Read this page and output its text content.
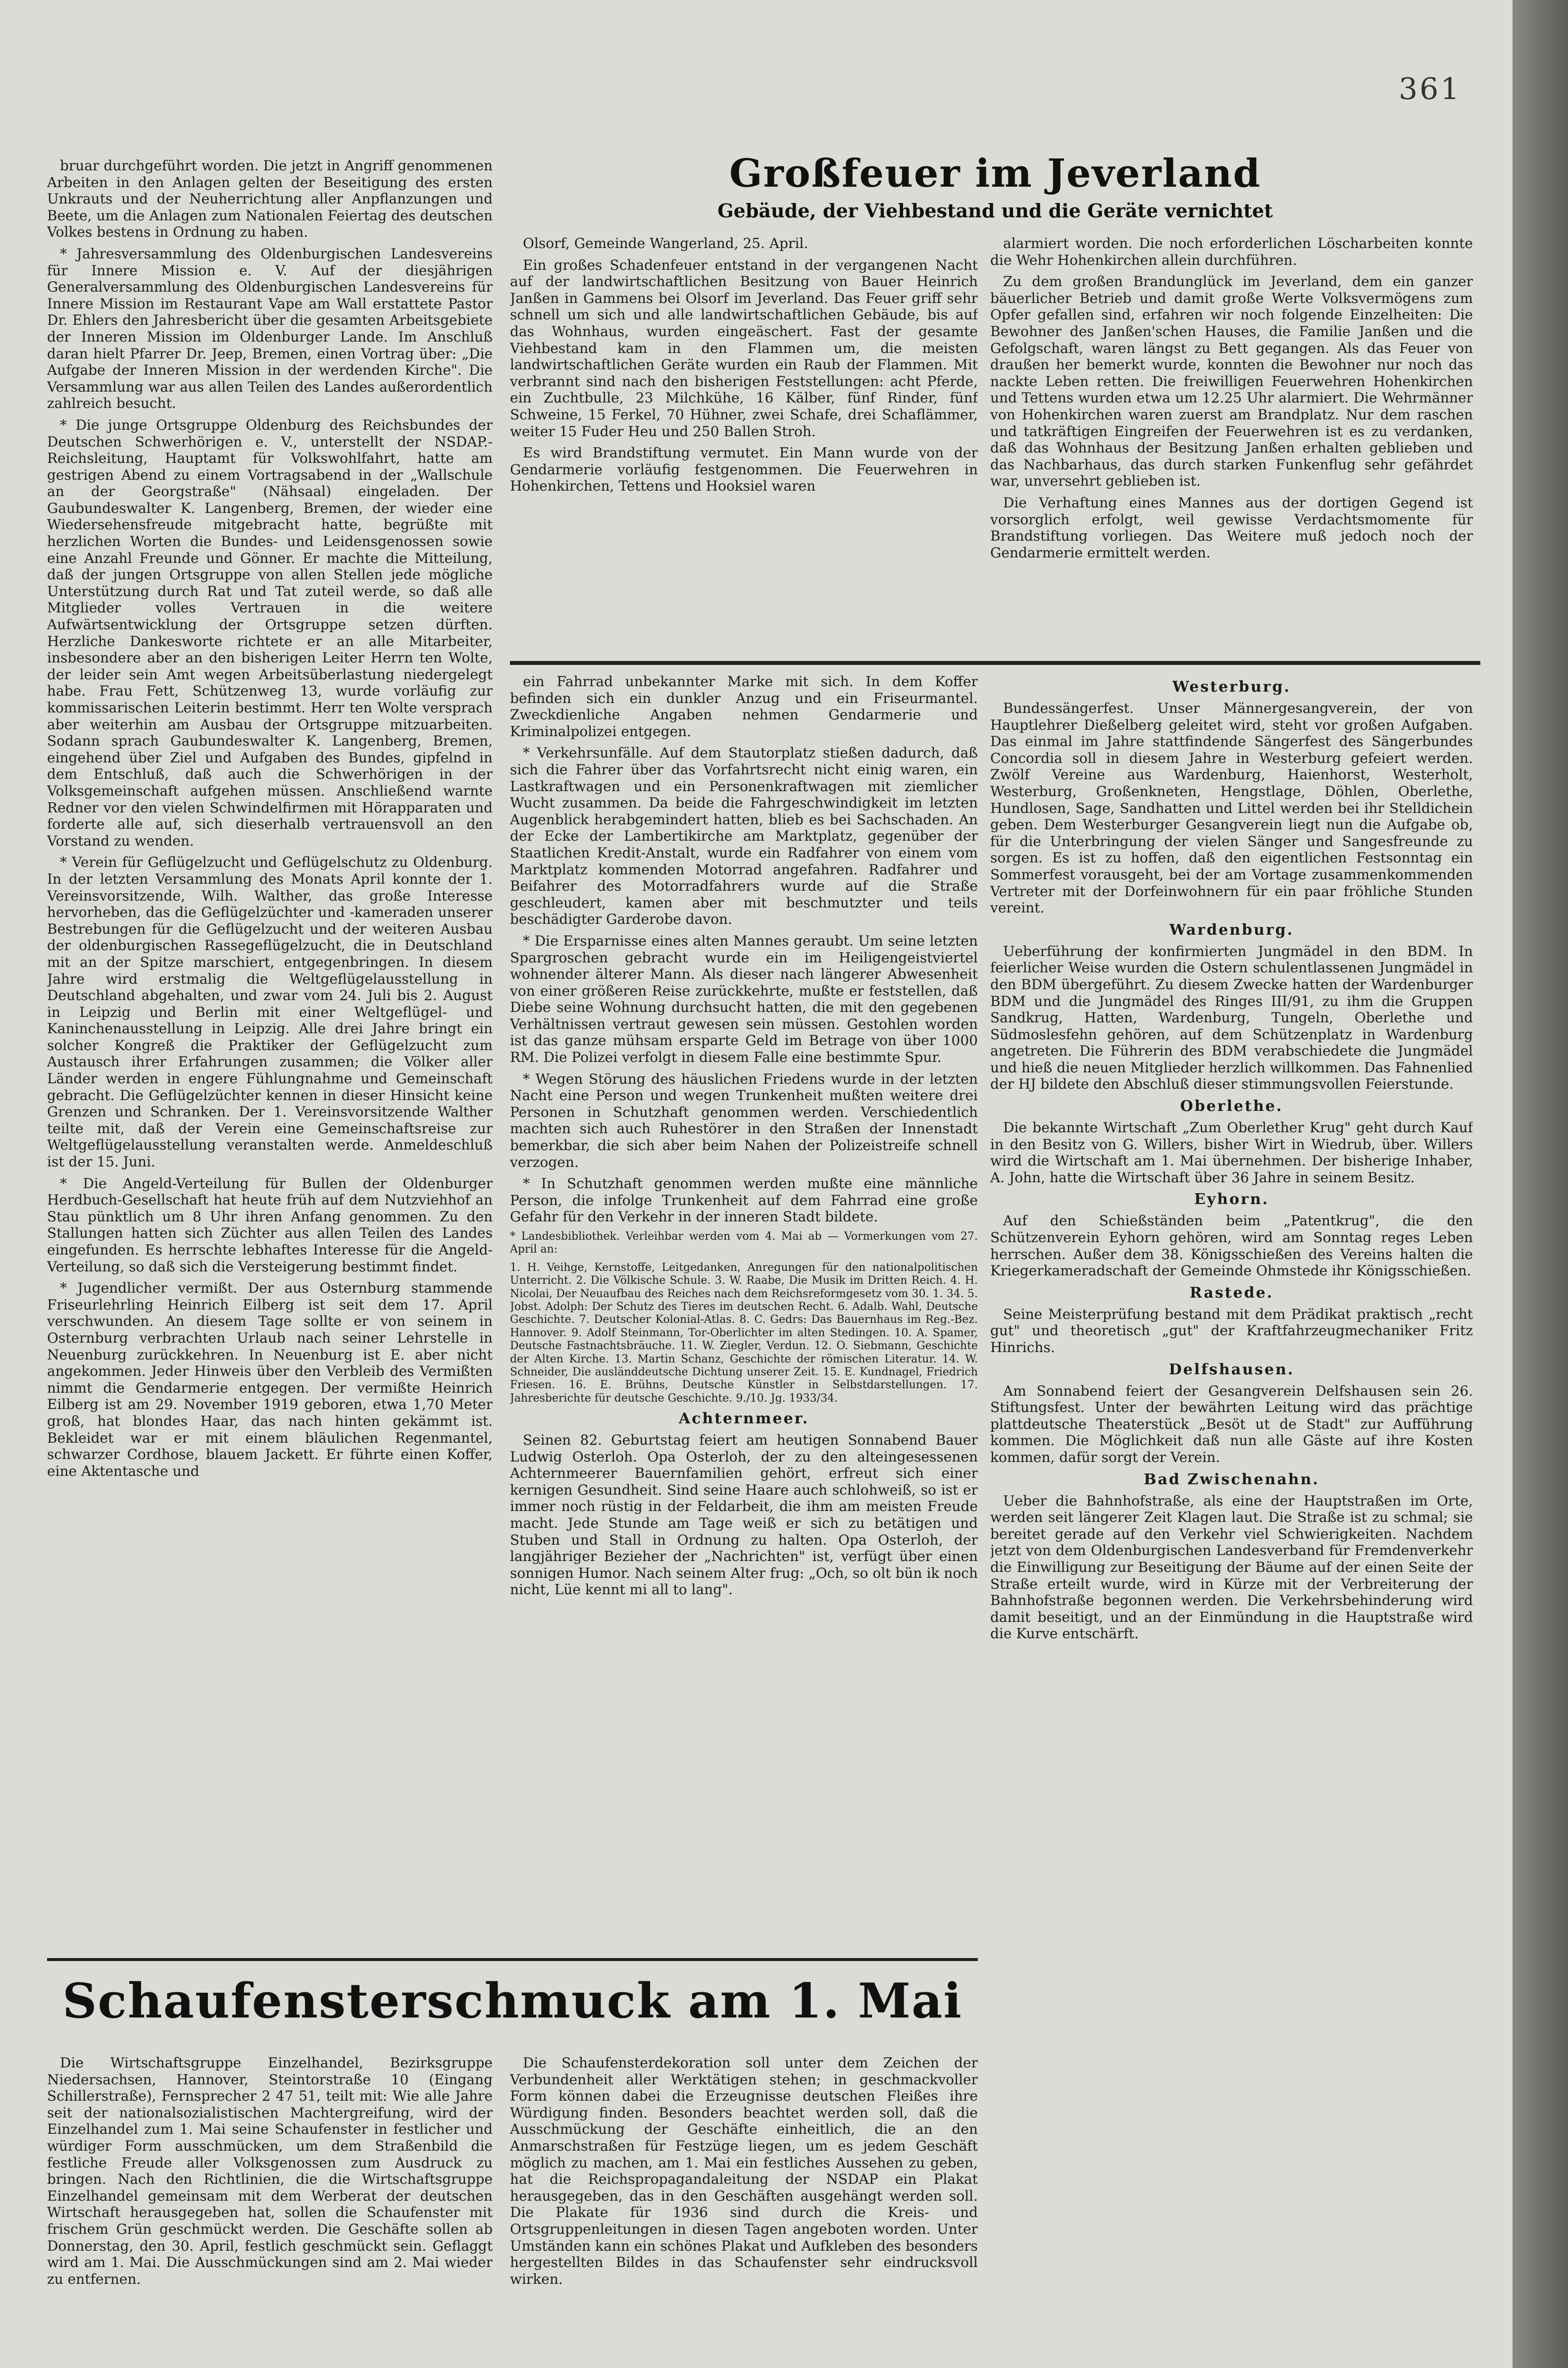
361

bruar durchgeführt worden. Die jetzt in Angriff genommenen Arbeiten in den Anlagen gelten der Beseitigung des ersten Unkrauts und der Neuherrichtung aller Anpflanzungen und Beete, um die Anlagen zum Nationalen Feiertag des deutschen Volkes bestens in Ordnung zu haben.

* Jahresversammlung des Oldenburgischen Landesvereins für Innere Mission e. V. Auf der diesjährigen Generalversammlung des Oldenburgischen Landesvereins für Innere Mission im Restaurant Vape am Wall erstattete Pastor Dr. Ehlers den Jahresbericht über die gesamten Arbeitsgebiete der Inneren Mission im Oldenburger Lande. Im Anschluß daran hielt Pfarrer Dr. Jeep, Bremen, einen Vortrag über: „Die Aufgabe der Inneren Mission in der werdenden Kirche". Die Versammlung war aus allen Teilen des Landes außerordentlich zahlreich besucht.

* Die junge Ortsgruppe Oldenburg des Reichsbundes der Deutschen Schwerhörigen e. V., unterstellt der NSDAP.-Reichsleitung, Hauptamt für Volkswohlfahrt, hatte am gestrigen Abend zu einem Vortragsabend in der „Wallschule an der Georgstraße" (Nähsaal) eingeladen. Der Gaubundeswalter K. Langenberg, Bremen, der wieder eine Wiedersehensfreude mitgebracht hatte, begrüßte mit herzlichen Worten die Bundes- und Leidensgenossen sowie eine Anzahl Freunde und Gönner. Er machte die Mitteilung, daß der jungen Ortsgruppe von allen Stellen jede mögliche Unterstützung durch Rat und Tat zuteil werde, so daß alle Mitglieder volles Vertrauen in die weitere Aufwärtsentwicklung der Ortsgruppe setzen dürften. Herzliche Dankesworte richtete er an alle Mitarbeiter, insbesondere aber an den bisherigen Leiter Herrn ten Wolte, der leider sein Amt wegen Arbeitsüberlastung niedergelegt habe. Frau Fett, Schützenweg 13, wurde vorläufig zur kommissarischen Leiterin bestimmt. Herr ten Wolte versprach aber weiterhin am Ausbau der Ortsgruppe mitzuarbeiten. Sodann sprach Gaubundeswalter K. Langenberg, Bremen, eingehend über Ziel und Aufgaben des Bundes, gipfelnd in dem Entschluß, daß auch die Schwerhörigen in der Volksgemeinschaft aufgehen müssen. Anschließend warnte Redner vor den vielen Schwindelfirmen mit Hörapparaten und forderte alle auf, sich dieserhalb vertrauensvoll an den Vorstand zu wenden.

* Verein für Geflügelzucht und Geflügelschutz zu Oldenburg. In der letzten Versammlung des Monats April konnte der 1. Vereinsvorsitzende, Wilh. Walther, das große Interesse hervorheben, das die Geflügelzüchter und -kameraden unserer Bestrebungen für die Geflügelzucht und der weiteren Ausbau der oldenburgischen Rassegeflügelzucht, die in Deutschland mit an der Spitze marschiert, entgegenbringen. In diesem Jahre wird erstmalig die Weltgeflügelausstellung in Deutschland abgehalten, und zwar vom 24. Juli bis 2. August in Leipzig und Berlin mit einer Weltgeflügel- und Kaninchenausstellung in Leipzig. Alle drei Jahre bringt ein solcher Kongreß die Praktiker der Geflügelzucht zum Austausch ihrer Erfahrungen zusammen; die Völker aller Länder werden in engere Fühlungnahme und Gemeinschaft gebracht. Die Geflügelzüchter kennen in dieser Hinsicht keine Grenzen und Schranken. Der 1. Vereinsvorsitzende Walther teilte mit, daß der Verein eine Gemeinschaftsreise zur Weltgeflügelausstellung veranstalten werde. Anmeldeschluß ist der 15. Juni.

* Die Angeld-Verteilung für Bullen der Oldenburger Herdbuch-Gesellschaft hat heute früh auf dem Nutzviehhof an Stau pünktlich um 8 Uhr ihren Anfang genommen. Zu den Stallungen hatten sich Züchter aus allen Teilen des Landes eingefunden. Es herrschte lebhaftes Interesse für die Angeld-Verteilung, so daß sich die Versteigerung bestimmt findet.

* Jugendlicher vermißt. Der aus Osternburg stammende Friseurlehrling Heinrich Eilberg ist seit dem 17. April verschwunden. An diesem Tage sollte er von seinem in Osternburg verbrachten Urlaub nach seiner Lehrstelle in Neuenburg zurückkehren. In Neuenburg ist E. aber nicht angekommen. Jeder Hinweis über den Verbleib des Vermißten nimmt die Gendarmerie entgegen. Der vermißte Heinrich Eilberg ist am 29. November 1919 geboren, etwa 1,70 Meter groß, hat blondes Haar, das nach hinten gekämmt ist. Bekleidet war er mit einem bläulichen Regenmantel, schwarzer Cordhose, blauem Jackett. Er führte einen Koffer, eine Aktentasche und

Großfeuer im Jeverland
Gebäude, der Viehbestand und die Geräte vernichtet

Olsorf, Gemeinde Wangerland, 25. April.

Ein großes Schadenfeuer entstand in der vergangenen Nacht auf der landwirtschaftlichen Besitzung von Bauer Heinrich Janßen in Gammens bei Olsorf im Jeverland. Das Feuer griff sehr schnell um sich und alle landwirtschaftlichen Gebäude, bis auf das Wohnhaus, wurden eingeäschert. Fast der gesamte Viehbestand kam in den Flammen um, die meisten landwirtschaftlichen Geräte wurden ein Raub der Flammen. Mit verbrannt sind nach den bisherigen Feststellungen: acht Pferde, ein Zuchtbulle, 23 Milchkühe, 16 Kälber, fünf Rinder, fünf Schweine, 15 Ferkel, 70 Hühner, zwei Schafe, drei Schaflämmer, weiter 15 Fuder Heu und 250 Ballen Stroh.

Es wird Brandstiftung vermutet. Ein Mann wurde von der Gendarmerie vorläufig festgenommen. Die Feuerwehren in Hohenkirchen, Tettens und Hooksiel waren

alarmiert worden. Die noch erforderlichen Löscharbeiten konnte die Wehr Hohenkirchen allein durchführen.

Zu dem großen Brandunglück im Jeverland, dem ein ganzer bäuerlicher Betrieb und damit große Werte Volksvermögens zum Opfer gefallen sind, erfahren wir noch folgende Einzelheiten: Die Bewohner des Janßen'schen Hauses, die Familie Janßen und die Gefolgschaft, waren längst zu Bett gegangen. Als das Feuer von draußen her bemerkt wurde, konnten die Bewohner nur noch das nackte Leben retten. Die freiwilligen Feuerwehren Hohenkirchen und Tettens wurden etwa um 12.25 Uhr alarmiert. Die Wehrmänner von Hohenkirchen waren zuerst am Brandplatz. Nur dem raschen und tatkräftigen Eingreifen der Feuerwehren ist es zu verdanken, daß das Wohnhaus der Besitzung Janßen erhalten geblieben und das Nachbarhaus, das durch starken Funkenflug sehr gefährdet war, unversehrt geblieben ist.

Die Verhaftung eines Mannes aus der dortigen Gegend ist vorsorglich erfolgt, weil gewisse Verdachtsmomente für Brandstiftung vorliegen. Das Weitere muß jedoch noch der Gendarmerie ermittelt werden.

ein Fahrrad unbekannter Marke mit sich. In dem Koffer befinden sich ein dunkler Anzug und ein Friseurmantel. Zweckdienliche Angaben nehmen Gendarmerie und Kriminalpolizei entgegen.

* Verkehrsunfälle. Auf dem Stautorplatz stießen dadurch, daß sich die Fahrer über das Vorfahrtsrecht nicht einig waren, ein Lastkraftwagen und ein Personenkraftwagen mit ziemlicher Wucht zusammen. Da beide die Fahrgeschwindigkeit im letzten Augenblick herabgemindert hatten, blieb es bei Sachschaden. An der Ecke der Lambertikirche am Marktplatz, gegenüber der Staatlichen Kredit-Anstalt, wurde ein Radfahrer von einem vom Marktplatz kommenden Motorrad angefahren. Radfahrer und Beifahrer des Motorradfahrers wurde auf die Straße geschleudert, kamen aber mit beschmutzter und teils beschädigter Garderobe davon.

* Die Ersparnisse eines alten Mannes geraubt. Um seine letzten Spargroschen gebracht wurde ein im Heiligengeistviertel wohnender älterer Mann. Als dieser nach längerer Abwesenheit von einer größeren Reise zurückkehrte, mußte er feststellen, daß Diebe seine Wohnung durchsucht hatten, die mit den gegebenen Verhältnissen vertraut gewesen sein müssen. Gestohlen worden ist das ganze mühsam ersparte Geld im Betrage von über 1000 RM. Die Polizei verfolgt in diesem Falle eine bestimmte Spur.

* Wegen Störung des häuslichen Friedens wurde in der letzten Nacht eine Person und wegen Trunkenheit mußten weitere drei Personen in Schutzhaft genommen werden. Verschiedentlich machten sich auch Ruhestörer in den Straßen der Innenstadt bemerkbar, die sich aber beim Nahen der Polizeistreife schnell verzogen.

* In Schutzhaft genommen werden mußte eine männliche Person, die infolge Trunkenheit auf dem Fahrrad eine große Gefahr für den Verkehr in der inneren Stadt bildete.

* Landesbibliothek. Verleihbar werden vom 4. Mai ab — Vormerkungen vom 27. April an:

1. H. Veihge, Kernstoffe, Leitgedanken, Anregungen für den nationalpolitischen Unterricht. 2. Die Völkische Schule. 3. W. Raabe, Die Musik im Dritten Reich. 4. H. Nicolai, Der Neuaufbau des Reiches nach dem Reichsreformgesetz vom 30. 1. 34. 5. Jobst. Adolph: Der Schutz des Tieres im deutschen Recht. 6. Adalb. Wahl, Deutsche Geschichte. 7. Deutscher Kolonial-Atlas. 8. C. Gedrs: Das Bauernhaus im Reg.-Bez. Hannover. 9. Adolf Steinmann, Tor-Oberlichter im alten Stedingen. 10. A. Spamer, Deutsche Fastnachtsbräuche. 11. W. Ziegler, Verdun. 12. O. Siebmann, Geschichte der Alten Kirche. 13. Martin Schanz, Geschichte der römischen Literatur. 14. W. Schneider, Die ausländdeutsche Dichtung unserer Zeit. 15. E. Kundnagel, Friedrich Friesen. 16. E. Brühns, Deutsche Künstler in Selbstdarstellungen. 17. Jahresberichte für deutsche Geschichte. 9./10. Jg. 1933/34.

Achternmeer.

Seinen 82. Geburtstag feiert am heutigen Sonnabend Bauer Ludwig Osterloh. Opa Osterloh, der zu den alteingesessenen Achternmeerer Bauernfamilien gehört, erfreut sich einer kernigen Gesundheit. Sind seine Haare auch schlohweiß, so ist er immer noch rüstig in der Feldarbeit, die ihm am meisten Freude macht. Jede Stunde am Tage weiß er sich zu betätigen und Stuben und Stall in Ordnung zu halten. Opa Osterloh, der langjähriger Bezieher der „Nachrichten" ist, verfügt über einen sonnigen Humor. Nach seinem Alter frug: „Och, so olt bün ik noch nicht, Lüe kennt mi all to lang".

Westerburg.

Bundessängerfest. Unser Männergesangverein, der von Hauptlehrer Dießelberg geleitet wird, steht vor großen Aufgaben. Das einmal im Jahre stattfindende Sängerfest des Sängerbundes Concordia soll in diesem Jahre in Westerburg gefeiert werden. Zwölf Vereine aus Wardenburg, Haienhorst, Westerholt, Westerburg, Großenkneten, Hengstlage, Döhlen, Oberlethe, Hundlosen, Sage, Sandhatten und Littel werden bei ihr Stelldichein geben. Dem Westerburger Gesangverein liegt nun die Aufgabe ob, für die Unterbringung der vielen Sänger und Sangesfreunde zu sorgen. Es ist zu hoffen, daß den eigentlichen Festsonntag ein Sommerfest vorausgeht, bei der am Vortage zusammenkommenden Vertreter mit der Dorfeinwohnern für ein paar fröhliche Stunden vereint.

Wardenburg.

Ueberführung der konfirmierten Jungmädel in den BDM. In feierlicher Weise wurden die Ostern schulentlassenen Jungmädel in den BDM übergeführt. Zu diesem Zwecke hatten der Wardenburger BDM und die Jungmädel des Ringes III/91, zu ihm die Gruppen Sandkrug, Hatten, Wardenburg, Tungeln, Oberlethe und Südmoslesfehn gehören, auf dem Schützenplatz in Wardenburg angetreten. Die Führerin des BDM verabschiedete die Jungmädel und hieß die neuen Mitglieder herzlich willkommen. Das Fahnenlied der HJ bildete den Abschluß dieser stimmungsvollen Feierstunde.

Oberlethe.

Die bekannte Wirtschaft „Zum Oberlether Krug" geht durch Kauf in den Besitz von G. Willers, bisher Wirt in Wiedrub, über. Willers wird die Wirtschaft am 1. Mai übernehmen. Der bisherige Inhaber, A. John, hatte die Wirtschaft über 36 Jahre in seinem Besitz.

Eyhorn.

Auf den Schießständen beim „Patentkrug", die den Schützenverein Eyhorn gehören, wird am Sonntag reges Leben herrschen. Außer dem 38. Königsschießen des Vereins halten die Kriegerkameradschaft der Gemeinde Ohmstede ihr Königsschießen.

Rastede.

Seine Meisterprüfung bestand mit dem Prädikat praktisch „recht gut" und theoretisch „gut" der Kraftfahrzeugmechaniker Fritz Hinrichs.

Delfshausen.

Am Sonnabend feiert der Gesangverein Delfshausen sein 26. Stiftungsfest. Unter der bewährten Leitung wird das prächtige plattdeutsche Theaterstück „Besöt ut de Stadt" zur Aufführung kommen. Die Möglichkeit daß nun alle Gäste auf ihre Kosten kommen, dafür sorgt der Verein.

Bad Zwischenahn.

Ueber die Bahnhofstraße, als eine der Hauptstraßen im Orte, werden seit längerer Zeit Klagen laut. Die Straße ist zu schmal; sie bereitet gerade auf den Verkehr viel Schwierigkeiten. Nachdem jetzt von dem Oldenburgischen Landesverband für Fremdenverkehr die Einwilligung zur Beseitigung der Bäume auf der einen Seite der Straße erteilt wurde, wird in Kürze mit der Verbreiterung der Bahnhofstraße begonnen werden. Die Verkehrsbehinderung wird damit beseitigt, und an der Einmündung in die Hauptstraße wird die Kurve entschärft.

Schaufensterschmuck am 1. Mai

Die Wirtschaftsgruppe Einzelhandel, Bezirksgruppe Niedersachsen, Hannover, Steintorstraße 10 (Eingang Schillerstraße), Fernsprecher 2 47 51, teilt mit: Wie alle Jahre seit der nationalsozialistischen Machtergreifung, wird der Einzelhandel zum 1. Mai seine Schaufenster in festlicher und würdiger Form ausschmücken, um dem Straßenbild die festliche Freude aller Volksgenossen zum Ausdruck zu bringen. Nach den Richtlinien, die die Wirtschaftsgruppe Einzelhandel gemeinsam mit dem Werberat der deutschen Wirtschaft herausgegeben hat, sollen die Schaufenster mit frischem Grün geschmückt werden. Die Geschäfte sollen ab Donnerstag, den 30. April, festlich geschmückt sein. Geflaggt wird am 1. Mai. Die Ausschmückungen sind am 2. Mai wieder zu entfernen.

Die Schaufensterdekoration soll unter dem Zeichen der Verbundenheit aller Werktätigen stehen; in geschmackvoller Form können dabei die Erzeugnisse deutschen Fleißes ihre Würdigung finden. Besonders beachtet werden soll, daß die Ausschmückung der Geschäfte einheitlich, die an den Anmarschstraßen für Festzüge liegen, um es jedem Geschäft möglich zu machen, am 1. Mai ein festliches Aussehen zu geben, hat die Reichspropagandaleitung der NSDAP ein Plakat herausgegeben, das in den Geschäften ausgehängt werden soll. Die Plakate für 1936 sind durch die Kreis- und Ortsgruppenleitungen in diesen Tagen angeboten worden. Unter Umständen kann ein schönes Plakat und Aufkleben des besonders hergestellten Bildes in das Schaufenster sehr eindrucksvoll wirken.
